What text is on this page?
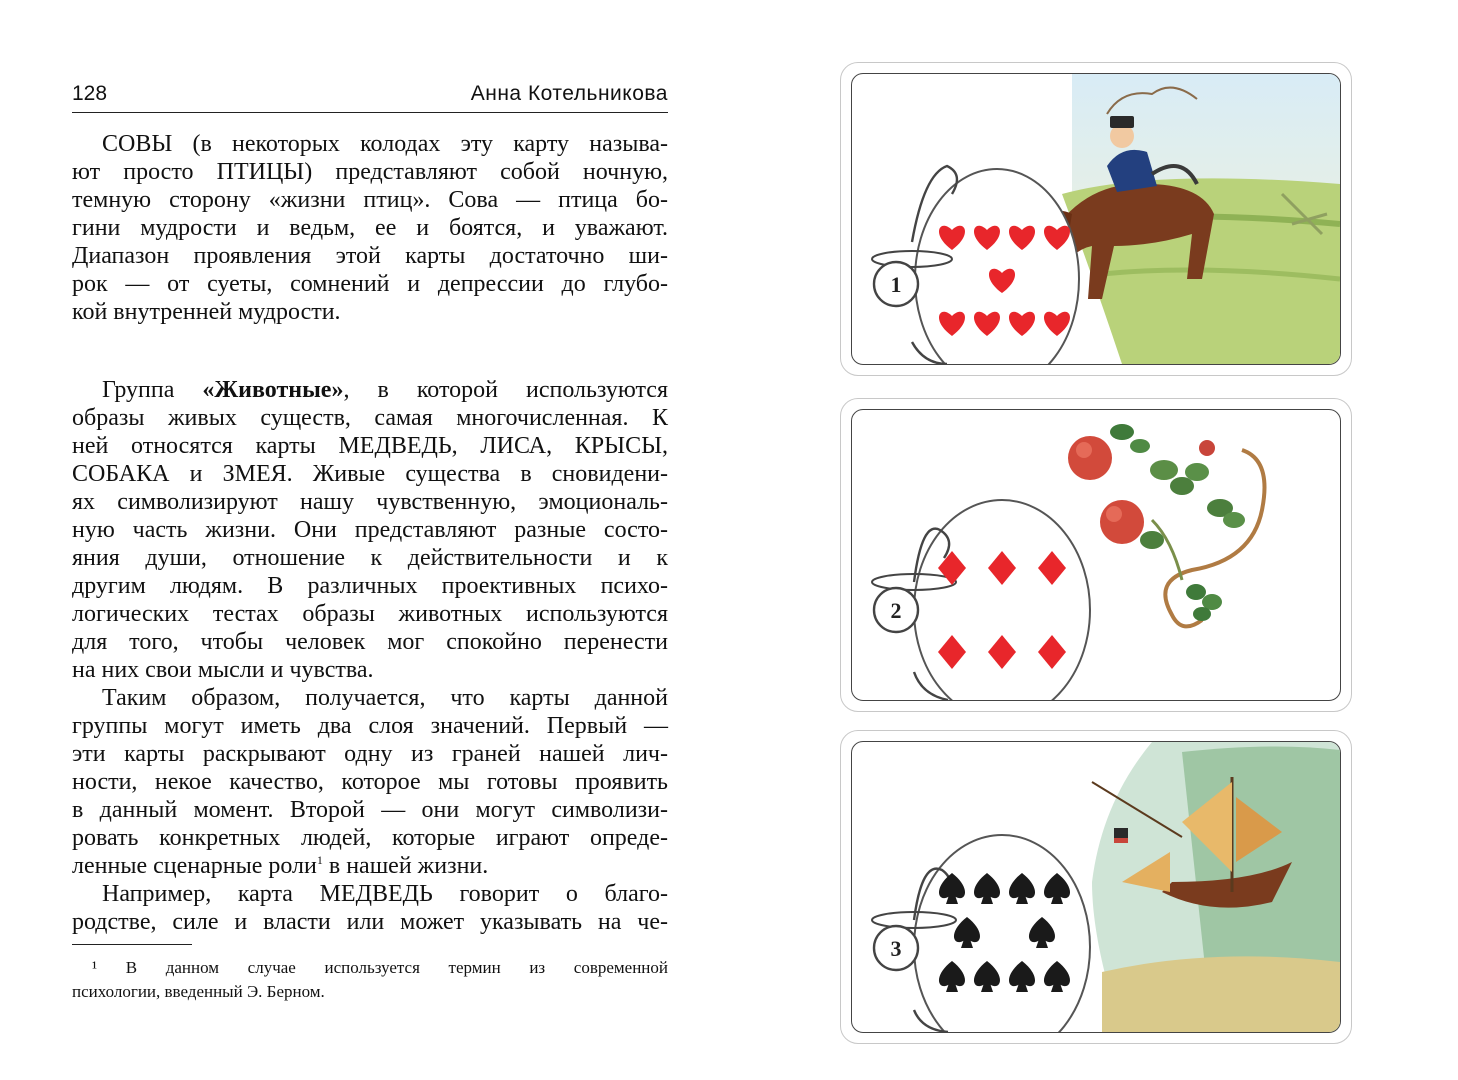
128	Анна Котельникова
СОВЫ (в некоторых колодах эту карту называ-
ют просто ПТИЦЫ) представляют собой ночную,
темную сторону «жизни птиц». Сова — птица бо-
гини мудрости и ведьм, ее и боятся, и уважают.
Диапазон проявления этой карты достаточно ши-
рок — от суеты, сомнений и депрессии до глубо-
кой внутренней мудрости.
Группа «Животные», в которой используются
образы живых существ, самая многочисленная. К
ней относятся карты МЕДВЕДЬ, ЛИСА, КРЫСЫ,
СОБАКА и ЗМЕЯ. Живые существа в сновидени-
ях символизируют нашу чувственную, эмоциональ-
ную часть жизни. Они представляют разные состо-
яния души, отношение к действительности и к
другим людям. В различных проективных психо-
логических тестах образы животных используются
для того, чтобы человек мог спокойно перенести
на них свои мысли и чувства.
Таким образом, получается, что карты данной
группы могут иметь два слоя значений. Первый —
эти карты раскрывают одну из граней нашей лич-
ности, некое качество, которое мы готовы проявить
в данный момент. Второй — они могут символизи-
ровать конкретных людей, которые играют опреде-
ленные сценарные роли$^1$ в нашей жизни.
Например, карта МЕДВЕДЬ говорит о благо-
родстве, силе и власти или может указывать на че-
¹ В данном случае используется термин из современной
психологии, введенный Э. Берном.
1
2
3
